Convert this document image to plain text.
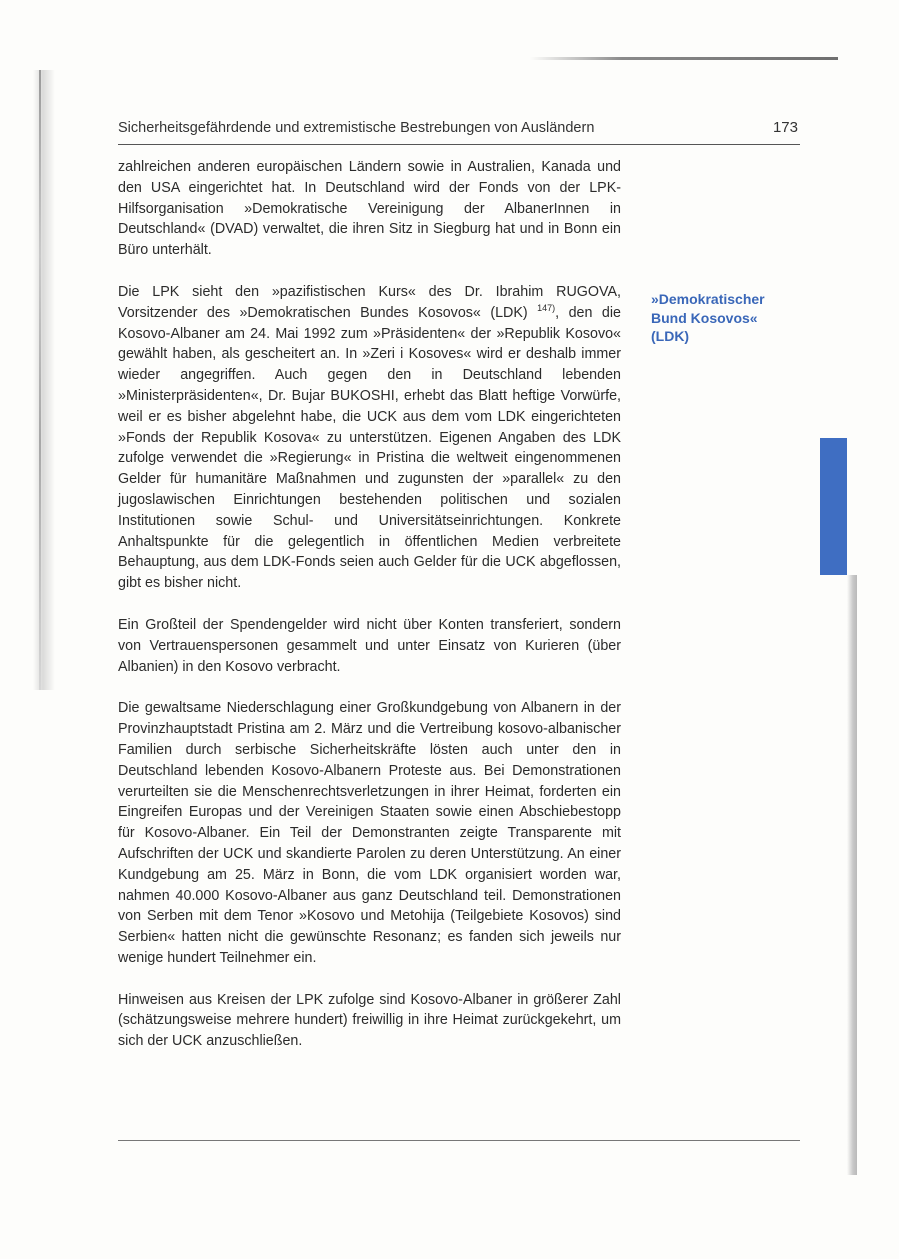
Sicherheitsgefährdende und extremistische Bestrebungen von Ausländern	173

zahlreichen anderen europäischen Ländern sowie in Australien, Kanada und den USA eingerichtet hat. In Deutschland wird der Fonds von der LPK-Hilfsorganisation »Demokratische Vereinigung der AlbanerInnen in Deutschland« (DVAD) verwaltet, die ihren Sitz in Siegburg hat und in Bonn ein Büro unterhält.

Die LPK sieht den »pazifistischen Kurs« des Dr. Ibrahim RUGOVA, Vorsitzender des »Demokratischen Bundes Kosovos« (LDK) $^{147)}$, den die Kosovo-Albaner am 24. Mai 1992 zum »Präsidenten« der »Republik Kosovo« gewählt haben, als gescheitert an. In »Zeri i Kosoves« wird er deshalb immer wieder angegriffen. Auch gegen den in Deutschland lebenden »Ministerpräsidenten«, Dr. Bujar BUKOSHI, erhebt das Blatt heftige Vorwürfe, weil er es bisher abgelehnt habe, die UCK aus dem vom LDK eingerichteten »Fonds der Republik Kosova« zu unterstützen. Eigenen Angaben des LDK zufolge verwendet die »Regierung« in Pristina die weltweit eingenommenen Gelder für humanitäre Maßnahmen und zugunsten der »parallel« zu den jugoslawischen Einrichtungen bestehenden politischen und sozialen Institutionen sowie Schul- und Universitätseinrichtungen. Konkrete Anhaltspunkte für die gelegentlich in öffentlichen Medien verbreitete Behauptung, aus dem LDK-Fonds seien auch Gelder für die UCK abgeflossen, gibt es bisher nicht.

Ein Großteil der Spendengelder wird nicht über Konten transferiert, sondern von Vertrauenspersonen gesammelt und unter Einsatz von Kurieren (über Albanien) in den Kosovo verbracht.

Die gewaltsame Niederschlagung einer Großkundgebung von Albanern in der Provinzhauptstadt Pristina am 2. März und die Vertreibung kosovo-albanischer Familien durch serbische Sicherheitskräfte lösten auch unter den in Deutschland lebenden Kosovo-Albanern Proteste aus. Bei Demonstrationen verurteilten sie die Menschenrechtsverletzungen in ihrer Heimat, forderten ein Eingreifen Europas und der Vereinigen Staaten sowie einen Abschiebestopp für Kosovo-Albaner. Ein Teil der Demonstranten zeigte Transparente mit Aufschriften der UCK und skandierte Parolen zu deren Unterstützung. An einer Kundgebung am 25. März in Bonn, die vom LDK organisiert worden war, nahmen 40.000 Kosovo-Albaner aus ganz Deutschland teil. Demonstrationen von Serben mit dem Tenor »Kosovo und Metohija (Teilgebiete Kosovos) sind Serbien« hatten nicht die gewünschte Resonanz; es fanden sich jeweils nur wenige hundert Teilnehmer ein.

Hinweisen aus Kreisen der LPK zufolge sind Kosovo-Albaner in größerer Zahl (schätzungsweise mehrere hundert) freiwillig in ihre Heimat zurückgekehrt, um sich der UCK anzuschließen.

»Demokratischer
Bund Kosovos«
(LDK)
